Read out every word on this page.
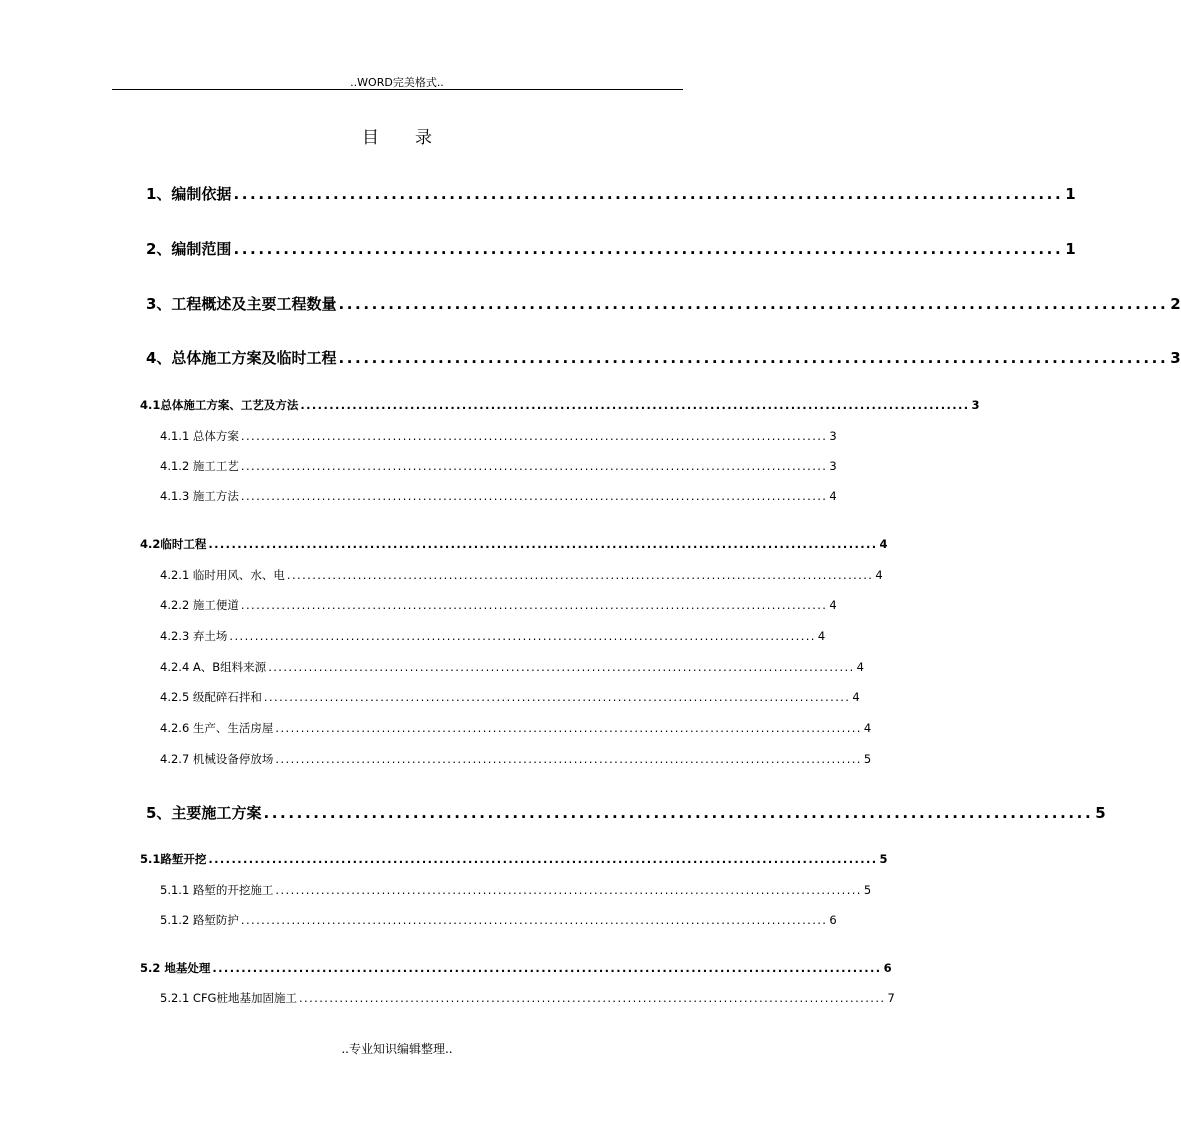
..WORD完美格式..
目录
1、编制依据 .................................................................................................... 1
2、编制范围 .................................................................................................... 1
3、工程概述及主要工程数量 .................................................................................................... 2
4、总体施工方案及临时工程 .................................................................................................... 3
4.1总体施工方案、工艺及方法 .................................................................................................................... 3
4.1.1 总体方案 .................................................................................................................... 3
4.1.2 施工工艺 .................................................................................................................... 3
4.1.3 施工方法 .................................................................................................................... 4
4.2临时工程 .................................................................................................................... 4
4.2.1 临时用风、水、电 .................................................................................................................... 4
4.2.2 施工便道 .................................................................................................................... 4
4.2.3 弃土场 .................................................................................................................... 4
4.2.4 A、B组料来源 .................................................................................................................... 4
4.2.5 级配碎石拌和 .................................................................................................................... 4
4.2.6 生产、生活房屋 .................................................................................................................... 4
4.2.7 机械设备停放场 .................................................................................................................... 5
5、主要施工方案 .................................................................................................... 5
5.1路堑开挖 .................................................................................................................... 5
5.1.1 路堑的开挖施工 .................................................................................................................... 5
5.1.2 路堑防护 .................................................................................................................... 6
5.2 地基处理 .................................................................................................................... 6
5.2.1 CFG桩地基加固施工 .................................................................................................................... 7
..专业知识编辑整理..
